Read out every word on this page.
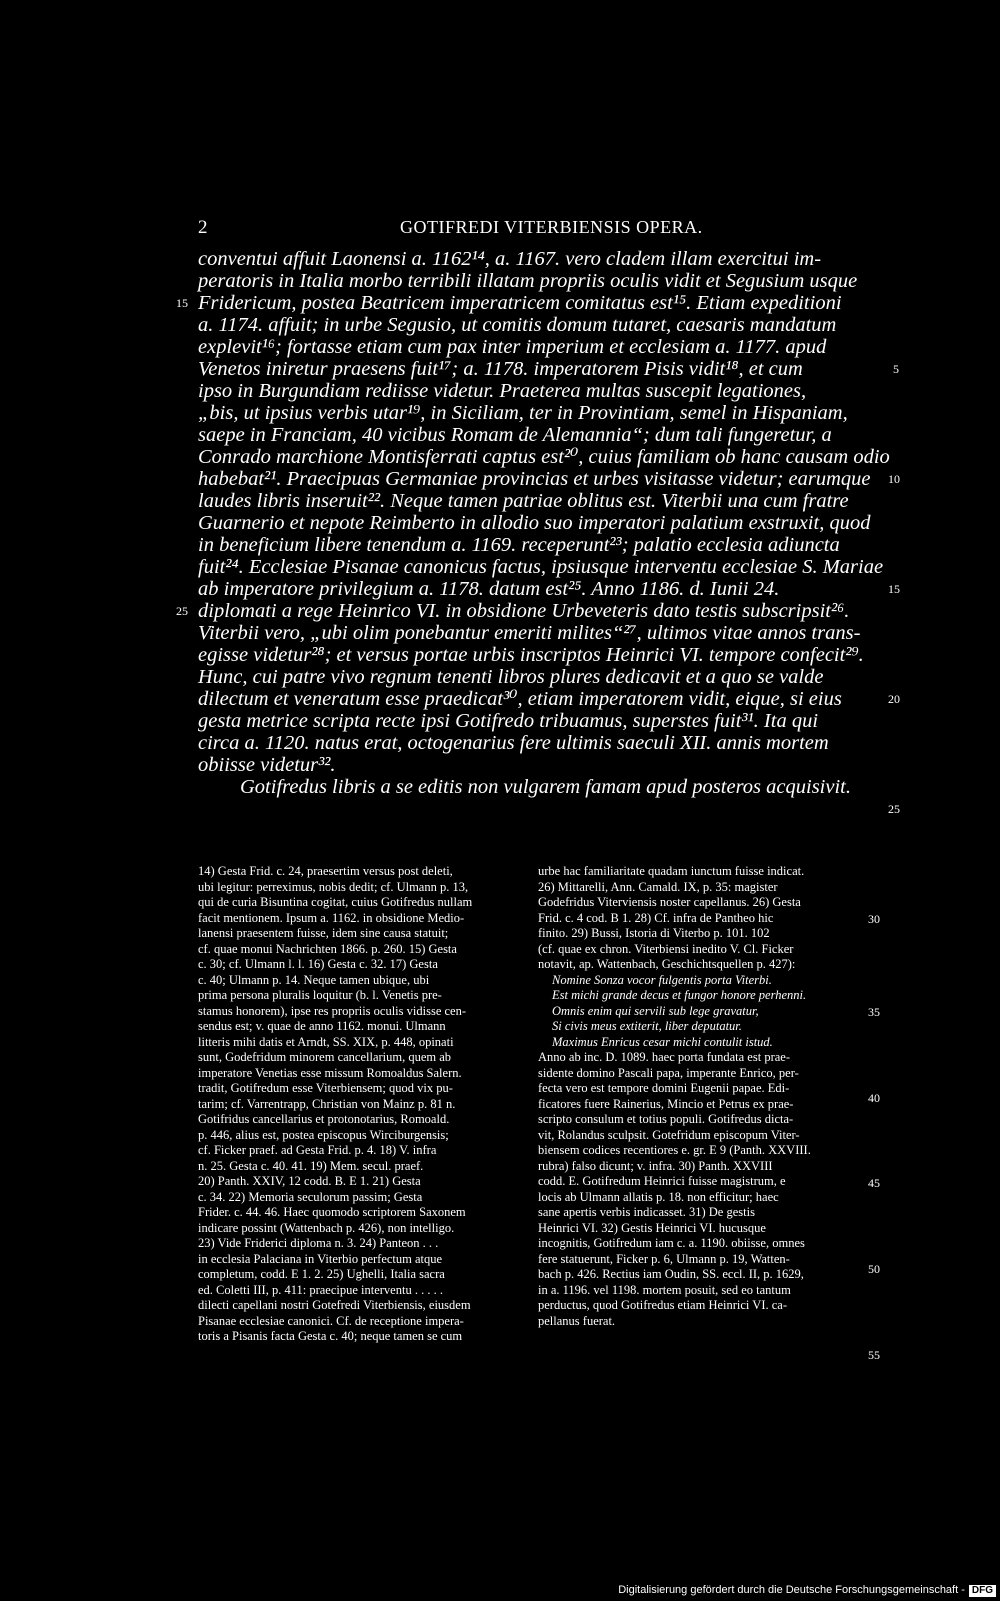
2	GOTIFREDI VITERBIENSIS OPERA.
conventui affuit Laonensi a. 1162¹⁴, a. 1167. vero cladem illam exercitui im-
peratoris in Italia morbo terribili illatam propriis oculis vidit et Segusium usque
Fridericum, postea Beatricem imperatricem comitatus est¹⁵. Etiam expeditioni
a. 1174. affuit; in urbe Segusio, ut comitis domum tutaret, caesaris mandatum
explevit¹⁶; fortasse etiam cum pax inter imperium et ecclesiam a. 1177. apud
Venetos iniretur praesens fuit¹⁷; a. 1178. imperatorem Pisis vidit¹⁸, et cum
ipso in Burgundiam rediisse videtur. Praeterea multas suscepit legationes,
„bis, ut ipsius verbis utar¹⁹, in Siciliam, ter in Provintiam, semel in Hispaniam,
saepe in Franciam, 40 vicibus Romam de Alemannia“; dum tali fungeretur, a
Conrado marchione Montisferrati captus est²⁰, cuius familiam ob hanc causam odio
habebat²¹. Praecipuas Germaniae provincias et urbes visitasse videtur; earumque
laudes libris inseruit²². Neque tamen patriae oblitus est. Viterbii una cum fratre
Guarnerio et nepote Reimberto in allodio suo imperatori palatium exstruxit, quod
in beneficium libere tenendum a. 1169. receperunt²³; palatio ecclesia adiuncta
fuit²⁴. Ecclesiae Pisanae canonicus factus, ipsiusque interventu ecclesiae S. Mariae
ab imperatore privilegium a. 1178. datum est²⁵. Anno 1186. d. Iunii 24.
diplomati a rege Heinrico VI. in obsidione Urbeveteris dato testis subscripsit²⁶.
Viterbii vero, „ubi olim ponebantur emeriti milites“²⁷, ultimos vitae annos trans-
egisse videtur²⁸; et versus portae urbis inscriptos Heinrici VI. tempore confecit²⁹.
Hunc, cui patre vivo regnum tenenti libros plures dedicavit et a quo se valde
dilectum et veneratum esse praedicat³⁰, etiam imperatorem vidit, eique, si eius
gesta metrice scripta recte ipsi Gotifredo tribuamus, superstes fuit³¹. Ita qui
circa a. 1120. natus erat, octogenarius fere ultimis saeculi XII. annis mortem
obiisse videtur³².
Gotifredus libris a se editis non vulgarem famam apud posteros acquisivit.
15
5
10
15
25
20
25
14) Gesta Frid. c. 24, praesertim versus post deleti,
ubi legitur: perreximus, nobis dedit; cf. Ulmann p. 13,
qui de curia Bisuntina cogitat, cuius Gotifredus nullam
facit mentionem. Ipsum a. 1162. in obsidione Medio-
lanensi praesentem fuisse, idem sine causa statuit;
cf. quae monui Nachrichten 1866. p. 260. 15) Gesta
c. 30; cf. Ulmann l. l. 16) Gesta c. 32. 17) Gesta
c. 40; Ulmann p. 14. Neque tamen ubique, ubi
prima persona pluralis loquitur (b. l. Venetis pre-
stamus honorem), ipse res propriis oculis vidisse cen-
sendus est; v. quae de anno 1162. monui. Ulmann
litteris mihi datis et Arndt, SS. XIX, p. 448, opinati
sunt, Godefridum minorem cancellarium, quem ab
imperatore Venetias esse missum Romoaldus Salern.
tradit, Gotifredum esse Viterbiensem; quod vix pu-
tarim; cf. Varrentrapp, Christian von Mainz p. 81 n.
Gotifridus cancellarius et protonotarius, Romoald.
p. 446, alius est, postea episcopus Wirciburgensis;
cf. Ficker praef. ad Gesta Frid. p. 4. 18) V. infra
n. 25. Gesta c. 40. 41. 19) Mem. secul. praef.
20) Panth. XXIV, 12 codd. B. E 1. 21) Gesta
c. 34. 22) Memoria seculorum passim; Gesta
Frider. c. 44. 46. Haec quomodo scriptorem Saxonem
indicare possint (Wattenbach p. 426), non intelligo.
23) Vide Friderici diploma n. 3. 24) Panteon . . .
in ecclesia Palaciana in Viterbio perfectum atque
completum, codd. E 1. 2. 25) Ughelli, Italia sacra
ed. Coletti III, p. 411: praecipue interventu . . . . .
dilecti capellani nostri Gotefredi Viterbiensis, eiusdem
Pisanae ecclesiae canonici. Cf. de receptione impera-
toris a Pisanis facta Gesta c. 40; neque tamen se cum
urbe hac familiaritate quadam iunctum fuisse indicat.
26) Mittarelli, Ann. Camald. IX, p. 35: magister
Godefridus Viterviensis noster capellanus. 26) Gesta
Frid. c. 4 cod. B 1. 28) Cf. infra de Pantheo hic
finito. 29) Bussi, Istoria di Viterbo p. 101. 102
(cf. quae ex chron. Viterbiensi inedito V. Cl. Ficker
notavit, ap. Wattenbach, Geschichtsquellen p. 427):
Nomine Sonza vocor fulgentis porta Viterbi.
Est michi grande decus et fungor honore perhenni.
Omnis enim qui servili sub lege gravatur,
Si civis meus extiterit, liber deputatur.
Maximus Enricus cesar michi contulit istud.
Anno ab inc. D. 1089. haec porta fundata est prae-
sidente domino Pascali papa, imperante Enrico, per-
fecta vero est tempore domini Eugenii papae. Edi-
ficatores fuere Rainerius, Mincio et Petrus ex prae-
scripto consulum et totius populi. Gotifredus dicta-
vit, Rolandus sculpsit. Gotefridum episcopum Viter-
biensem codices recentiores e. gr. E 9 (Panth. XXVIII.
rubra) falso dicunt; v. infra. 30) Panth. XXVIII
codd. E. Gotifredum Heinrici fuisse magistrum, e
locis ab Ulmann allatis p. 18. non efficitur; haec
sane apertis verbis indicasset. 31) De gestis
Heinrici VI. 32) Gestis Heinrici VI. hucusque
incognitis, Gotifredum iam c. a. 1190. obiisse, omnes
fere statuerunt, Ficker p. 6, Ulmann p. 19, Watten-
bach p. 426. Rectius iam Oudin, SS. eccl. II, p. 1629,
in a. 1196. vel 1198. mortem posuit, sed eo tantum
perductus, quod Gotifredus etiam Heinrici VI. ca-
pellanus fuerat.
30
35
40
45
50
55
Digitalisierung gefördert durch die Deutsche Forschungsgemeinschaft - DFG
